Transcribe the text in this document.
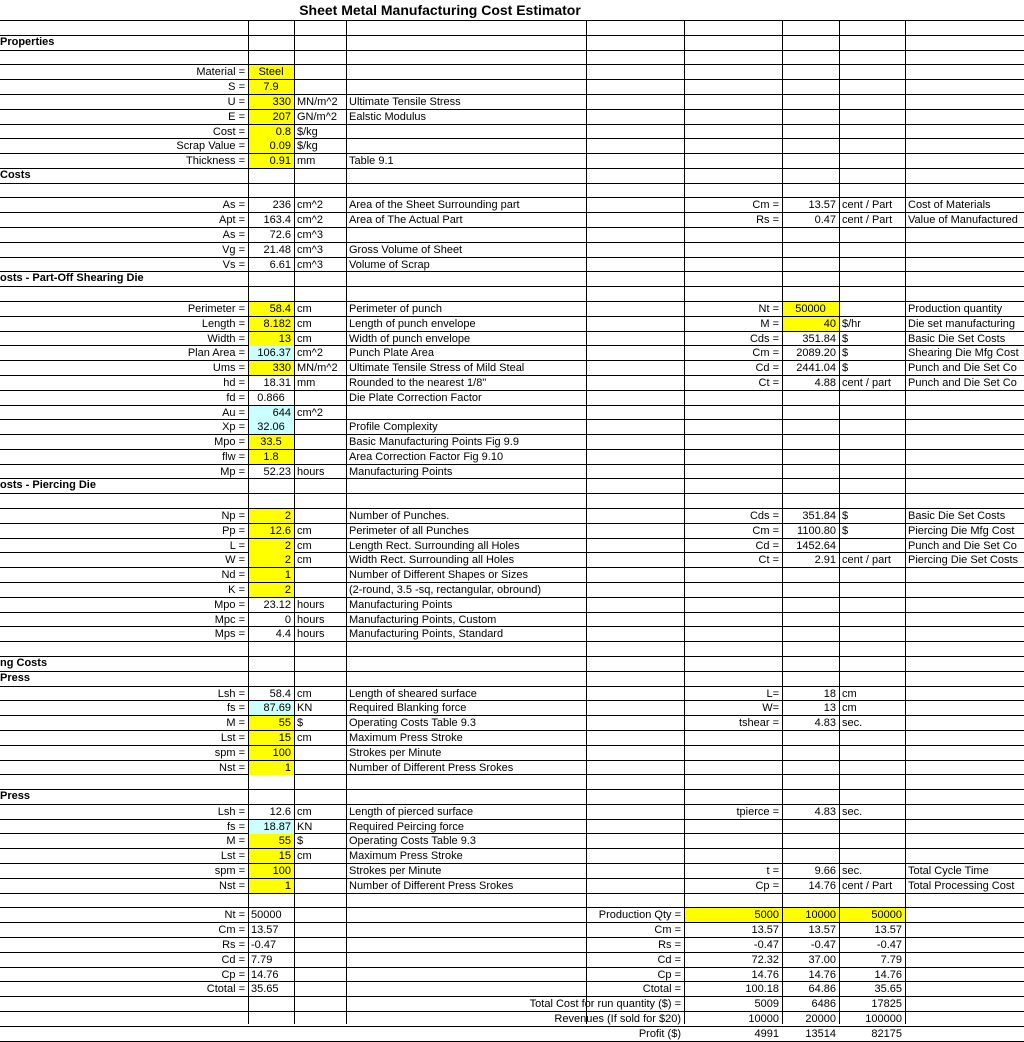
Sheet Metal Manufacturing Cost Estimator
Properties
Costs
osts - Part-Off Shearing Die
osts - Piercing Die
ng Costs
Press
Press
Material =	Steel
S =	7.9
U =	330 MN/m^2	Ultimate Tensile Stress
E =	207 GN/m^2	Ealstic Modulus
Cost =	0.8 $/kg
Scrap Value =	0.09 $/kg
Thickness =	0.91 mm	Table 9.1
As =	236 cm^2	Area of the Sheet Surrounding part	Cm =	13.57 cent / Part	Cost of Materials
Apt =	163.4 cm^2	Area of The Actual Part	Rs =	0.47 cent / Part	Value of Manufactured
As =	72.6 cm^3
Vg =	21.48 cm^3	Gross Volume of Sheet
Vs =	6.61 cm^3	Volume of Scrap
Perimeter =	58.4 cm	Perimeter of punch	Nt =	50000	Production quantity
Length =	8.182 cm	Length of punch envelope	M =	40 $/hr	Die set manufacturing
Width =	13 cm	Width of punch envelope	Cds =	351.84 $	Basic Die Set Costs
Plan Area =	106.37 cm^2	Punch Plate Area	Cm =	2089.20 $	Shearing Die Mfg Cost
Ums =	330 MN/m^2	Ultimate Tensile Stress of Mild Steal	Cd =	2441.04 $	Punch and Die Set Co
hd =	18.31 mm	Rounded to the nearest 1/8"	Ct =	4.88 cent / part	Punch and Die Set Co
fd =	0.866	Die Plate Correction Factor
Au =	644 cm^2
Xp =	32.06	Profile Complexity
Mpo =	33.5	Basic Manufacturing Points Fig 9.9
flw =	1.8	Area Correction Factor Fig 9.10
Mp =	52.23 hours	Manufacturing Points
Np =	2	Number of Punches.	Cds =	351.84 $	Basic Die Set Costs
Pp =	12.6 cm	Perimeter of all Punches	Cm =	1100.80 $	Piercing Die Mfg Cost
L =	2 cm	Length Rect. Surrounding all Holes	Cd =	1452.64	Punch and Die Set Co
W =	2 cm	Width Rect. Surrounding all Holes	Ct =	2.91 cent / part	Piercing Die Set Costs
Nd =	1	Number of Different Shapes or Sizes
K =	2	(2-round, 3.5 -sq, rectangular, obround)
Mpo =	23.12 hours	Manufacturing Points
Mpc =	0 hours	Manufacturing Points, Custom
Mps =	4.4 hours	Manufacturing Points, Standard
Lsh =	58.4 cm	Length of sheared surface	L=	18 cm
fs =	87.69 KN	Required Blanking force	W=	13 cm
M =	55 $	Operating Costs Table 9.3	tshear =	4.83 sec.
Lst =	15 cm	Maximum Press Stroke
spm =	100	Strokes per Minute
Nst =	1	Number of Different Press Srokes
Lsh =	12.6 cm	Length of pierced surface	tpierce =	4.83 sec.
fs =	18.87 KN	Required Peircing force
M =	55 $	Operating Costs Table 9.3
Lst =	15 cm	Maximum Press Stroke
spm =	100	Strokes per Minute	t =	9.66 sec.	Total Cycle Time
Nst =	1	Number of Different Press Srokes	Cp =	14.76 cent / Part	Total Processing Cost
Nt = 50000
Cm = 13.57
Rs = -0.47
Cd = 7.79
Cp = 14.76
Ctotal = 35.65
Production Qty =	5000	10000	50000
Cm =	13.57	13.57	13.57
Rs =	-0.47	-0.47	-0.47
Cd =	72.32	37.00	7.79
Cp =	14.76	14.76	14.76
Ctotal =	100.18	64.86	35.65
Total Cost for run quantity ($) =	5009	6486	17825
Revenues (If sold for $20)	10000	20000	100000
Profit ($)	4991	13514	82175
